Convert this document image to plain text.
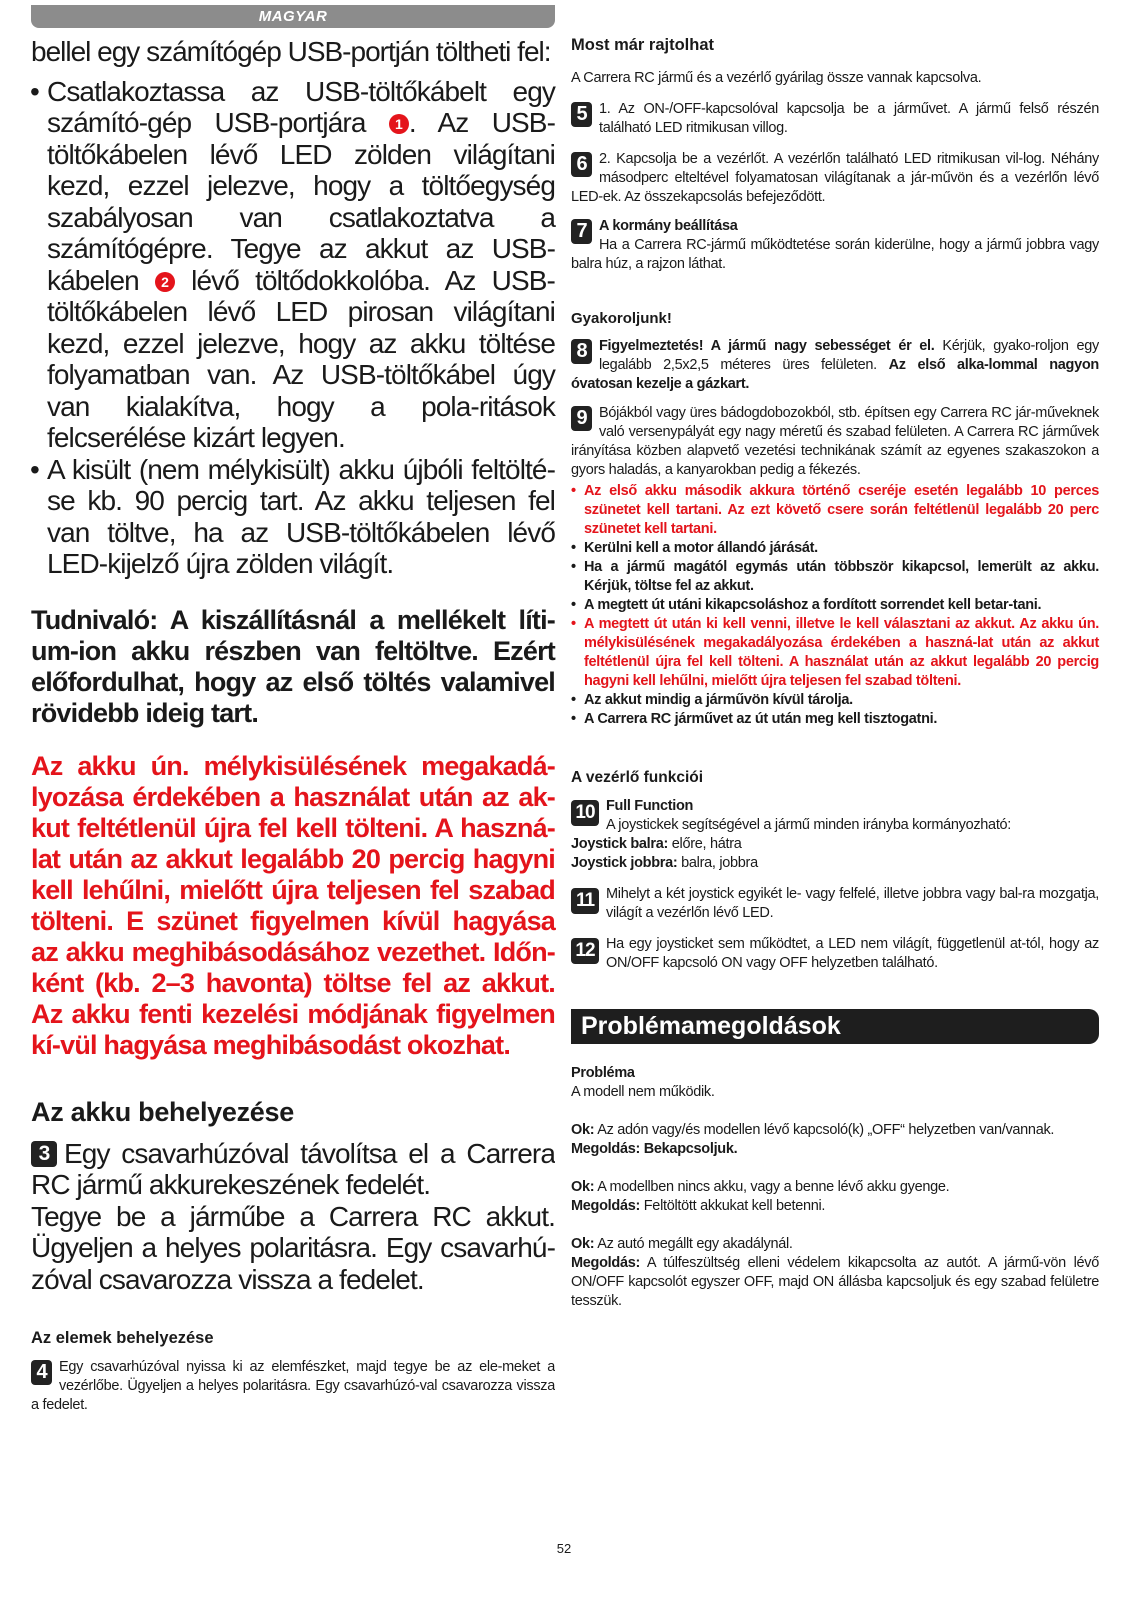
MAGYAR

bellel egy számítógép USB-portján töltheti fel:

• Csatlakoztassa az USB-töltőkábelt egy számító-gép USB-portjára 1 . Az USB-töltőkábelen lévő LED zölden világítani kezd, ezzel jelezve, hogy a töltőegység szabályosan van csatlakoztatva a számítógépre. Tegye az akkut az USB-kábelen 2 lévő töltődokkolóba. Az USB-töltőkábelen lévő LED pirosan világítani kezd, ezzel jelezve, hogy az akku töltése folyamatban van. Az USB-töltőkábel úgy van kialakítva, hogy a pola-ritások felcserélése kizárt legyen.

• A kisült (nem mélykisült) akku újbóli feltölté-se kb. 90 percig tart. Az akku teljesen fel van töltve, ha az USB-töltőkábelen lévő LED-kijelző újra zölden világít.

Tudnivaló: A kiszállításnál a mellékelt líti-um-ion akku részben van feltöltve. Ezért előfordulhat, hogy az első töltés valamivel rövidebb ideig tart.

Az akku ún. mélykisülésének megakadá-lyozása érdekében a használat után az ak-kut feltétlenül újra fel kell tölteni. A haszná-lat után az akkut legalább 20 percig hagyni kell lehűlni, mielőtt újra teljesen fel szabad tölteni. E szünet figyelmen kívül hagyása az akku meghibásodásához vezethet. Időn-ként (kb. 2–3 havonta) töltse fel az akkut. Az akku fenti kezelési módjának figyelmen kí-vül hagyása meghibásodást okozhat.

Az akku behelyezése

3 Egy csavarhúzóval távolítsa el a Carrera RC jármű akkurekeszének fedelét.

Tegye be a járműbe a Carrera RC akkut. Ügyeljen a helyes polaritásra. Egy csavarhú-zóval csavarozza vissza a fedelet.

Az elemek behelyezése

4 Egy csavarhúzóval nyissa ki az elemfészket, majd tegye be az ele-meket a vezérlőbe. Ügyeljen a helyes polaritásra. Egy csavarhúzó-val csavarozza vissza a fedelet.

Most már rajtolhat

A Carrera RC jármű és a vezérlő gyárilag össze vannak kapcsolva.

5 1. Az ON-/OFF-kapcsolóval kapcsolja be a járművet. A jármű felső részén található LED ritmikusan villog.

6 2. Kapcsolja be a vezérlőt. A vezérlőn található LED ritmikusan vil-log. Néhány másodperc elteltével folyamatosan világítanak a jár-művön és a vezérlőn lévő LED-ek. Az összekapcsolás befejeződött.

7 A kormány beállítása
Ha a Carrera RC-jármű működtetése során kiderülne, hogy a jármű jobbra vagy balra húz, a rajzon láthat.

Gyakoroljunk!

8 Figyelmeztetés! A jármű nagy sebességet ér el. Kérjük, gyako-roljon egy legalább 2,5x2,5 méteres üres felületen. Az első alka-lommal nagyon óvatosan kezelje a gázkart.

9 Bójákból vagy üres bádogdobozokból, stb. építsen egy Carrera RC jár-műveknek való versenypályát egy nagy méretű és szabad felületen. A Carrera RC járművek irányítása közben alapvető vezetési technikának számít az egyenes szakaszokon a gyors haladás, a kanyarokban pedig a fékezés.

• Az első akku második akkura történő cseréje esetén legalább 10 perces szünetet kell tartani. Az ezt követő csere során feltétlenül legalább 20 perc szünetet kell tartani.

• Kerülni kell a motor állandó járását.

• Ha a jármű magától egymás után többször kikapcsol, lemerült az akku. Kérjük, töltse fel az akkut.

• A megtett út utáni kikapcsoláshoz a fordított sorrendet kell betar-tani.

• A megtett út után ki kell venni, illetve le kell választani az akkut. Az akku ún. mélykisülésének megakadályozása érdekében a haszná-lat után az akkut feltétlenül újra fel kell tölteni. A használat után az akkut legalább 20 percig hagyni kell lehűlni, mielőtt újra teljesen fel szabad tölteni.

• Az akkut mindig a járművön kívül tárolja.

• A Carrera RC járművet az út után meg kell tisztogatni.

A vezérlő funkciói

10 Full Function
A joystickek segítségével a jármű minden irányba kormányozható:

Joystick balra: előre, hátra

Joystick jobbra: balra, jobbra

11 Mihelyt a két joystick egyikét le- vagy felfelé, illetve jobbra vagy bal-ra mozgatja, világít a vezérlőn lévő LED.

12 Ha egy joysticket sem működtet, a LED nem világít, függetlenül at-tól, hogy az ON/OFF kapcsoló ON vagy OFF helyzetben található.

Problémamegoldások

Probléma

A modell nem működik.

Ok: Az adón vagy/és modellen lévő kapcsoló(k) „OFF“ helyzetben van/vannak.

Megoldás: Bekapcsoljuk.

Ok: A modellben nincs akku, vagy a benne lévő akku gyenge.

Megoldás: Feltöltött akkukat kell betenni.

Ok: Az autó megállt egy akadálynál.

Megoldás: A túlfeszültség elleni védelem kikapcsolta az autót. A jármű-vön lévő ON/OFF kapcsolót egyszer OFF, majd ON állásba kapcsoljuk és egy szabad felületre tesszük.

52
